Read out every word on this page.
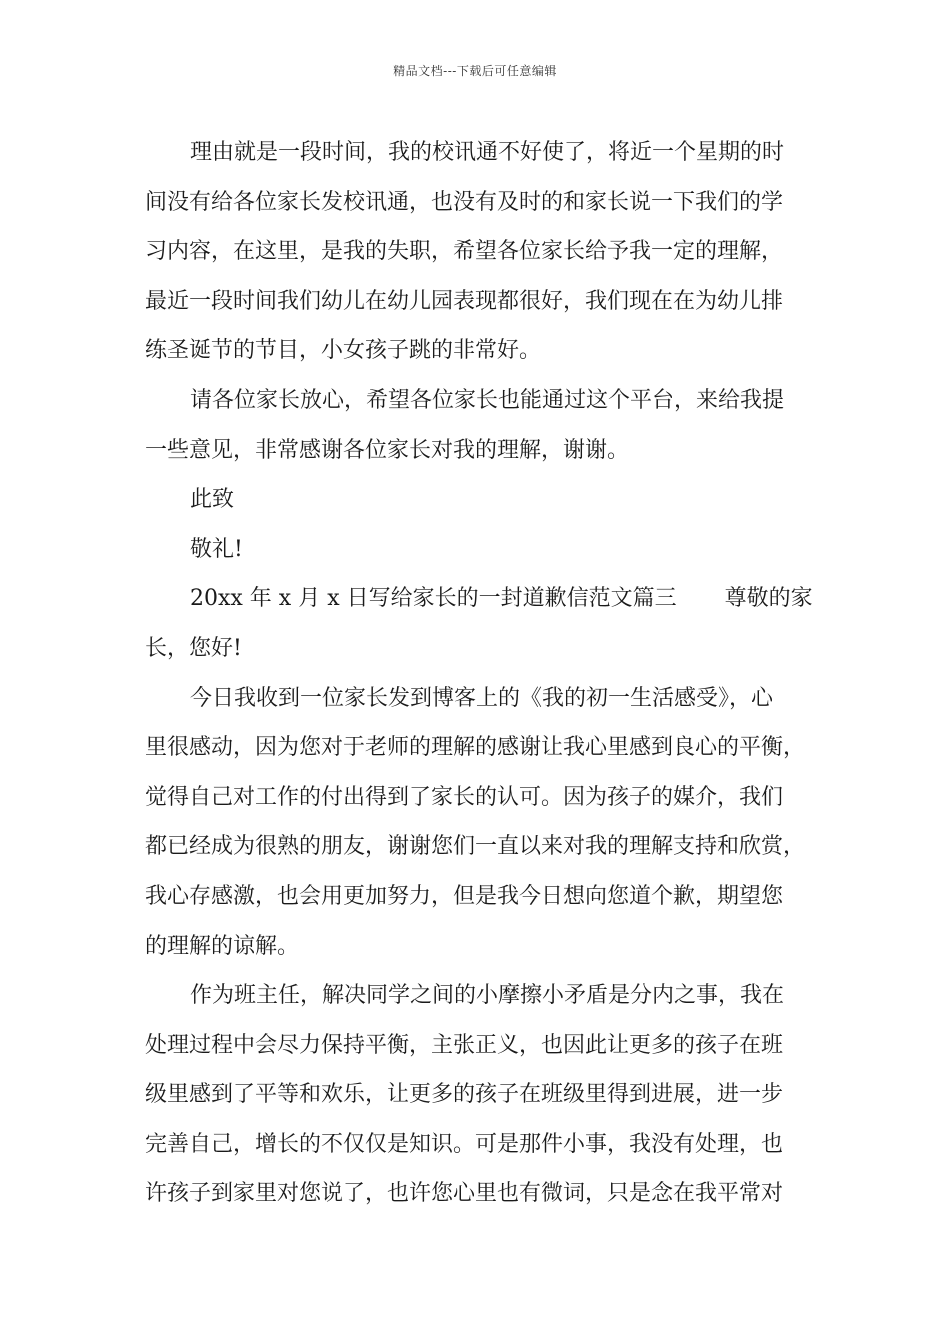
精品文档---下载后可任意编辑
理由就是一段时间，我的校讯通不好使了，将近一个星期的时
间没有给各位家长发校讯通，也没有及时的和家长说一下我们的学
习内容，在这里，是我的失职，希望各位家长给予我一定的理解，
最近一段时间我们幼儿在幼儿园表现都很好，我们现在在为幼儿排
练圣诞节的节目，小女孩子跳的非常好。
请各位家长放心，希望各位家长也能通过这个平台，来给我提
一些意见，非常感谢各位家长对我的理解，谢谢。
此致
敬礼!
20xx 年 x 月 x 日写给家长的一封道歉信范文篇三 尊敬的家
长，您好!
今日我收到一位家长发到博客上的《我的初一生活感受》，心
里很感动，因为您对于老师的理解的感谢让我心里感到良心的平衡，
觉得自己对工作的付出得到了家长的认可。因为孩子的媒介，我们
都已经成为很熟的朋友，谢谢您们一直以来对我的理解支持和欣赏，
我心存感激，也会用更加努力，但是我今日想向您道个歉，期望您
的理解的谅解。
作为班主任，解决同学之间的小摩擦小矛盾是分内之事，我在
处理过程中会尽力保持平衡，主张正义，也因此让更多的孩子在班
级里感到了平等和欢乐，让更多的孩子在班级里得到进展，进一步
完善自己，增长的不仅仅是知识。可是那件小事，我没有处理，也
许孩子到家里对您说了，也许您心里也有微词，只是念在我平常对
